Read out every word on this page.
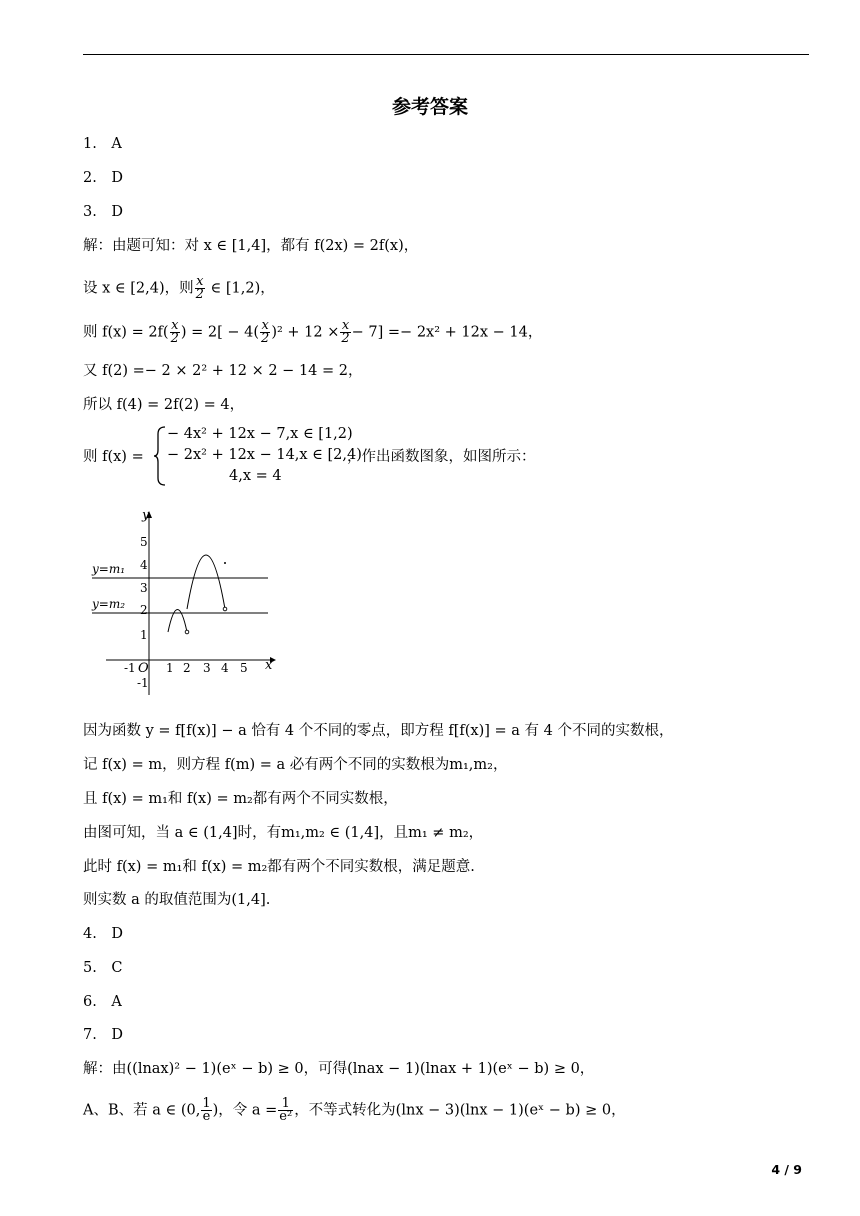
参考答案
1.　A
2.　D
3.　D
解：由题可知：对 x ∈ [1,4]，都有 f(2x) = 2f(x)，
设 x ∈ [2,4)，则 $\frac{x}{2}$ ∈ [1,2)，
则 $f(x) = 2f( \frac{x}{2}$ ) = $2[ - 4( \frac{x}{2} )^2 + 12 \times \frac{x}{2} - 7] =- 2x^2 + 12x - 14$，
又 f(2) =− 2 × 2² + 12 × 2 − 14 = 2，
所以 f(4) = 2f(2) = 4，
则 f(x) =
− 4x² + 12x − 7,x ∈ [1,2)
− 2x² + 12x − 14,x ∈ [2,4)
4,x = 4
，作出函数图象，如图所示：
y
x
O
-1	1 2 3 4 5
-1
1
2
3
4
5
y=m₁
y=m₂
因为函数 y = f[f(x)] − a 恰有 4 个不同的零点，即方程 f[f(x)] = a 有 4 个不同的实数根，
记 f(x) = m，则方程 f(m) = a 必有两个不同的实数根为m₁,m₂，
且 f(x) = m₁和 f(x) = m₂都有两个不同实数根，
由图可知，当 a ∈ (1,4]时，有m₁,m₂ ∈ (1,4]，且m₁ ≠ m₂，
此时 f(x) = m₁和 f(x) = m₂都有两个不同实数根，满足题意.
则实数 a 的取值范围为(1,4].
4.　D
5.　C
6.　A
7.　D
解：由((lnax)² − 1)(eˣ − b) ≥ 0，可得(lnax − 1)(lnax + 1)(eˣ − b) ≥ 0，
A、B、若 a ∈ (0, $\frac{1}{e}$ )，令 $a = \frac{1}{\text{e²}}$ ，不等式转化为(lnx − 3)(lnx − 1)(eˣ − b) ≥ 0，
4 / 9
